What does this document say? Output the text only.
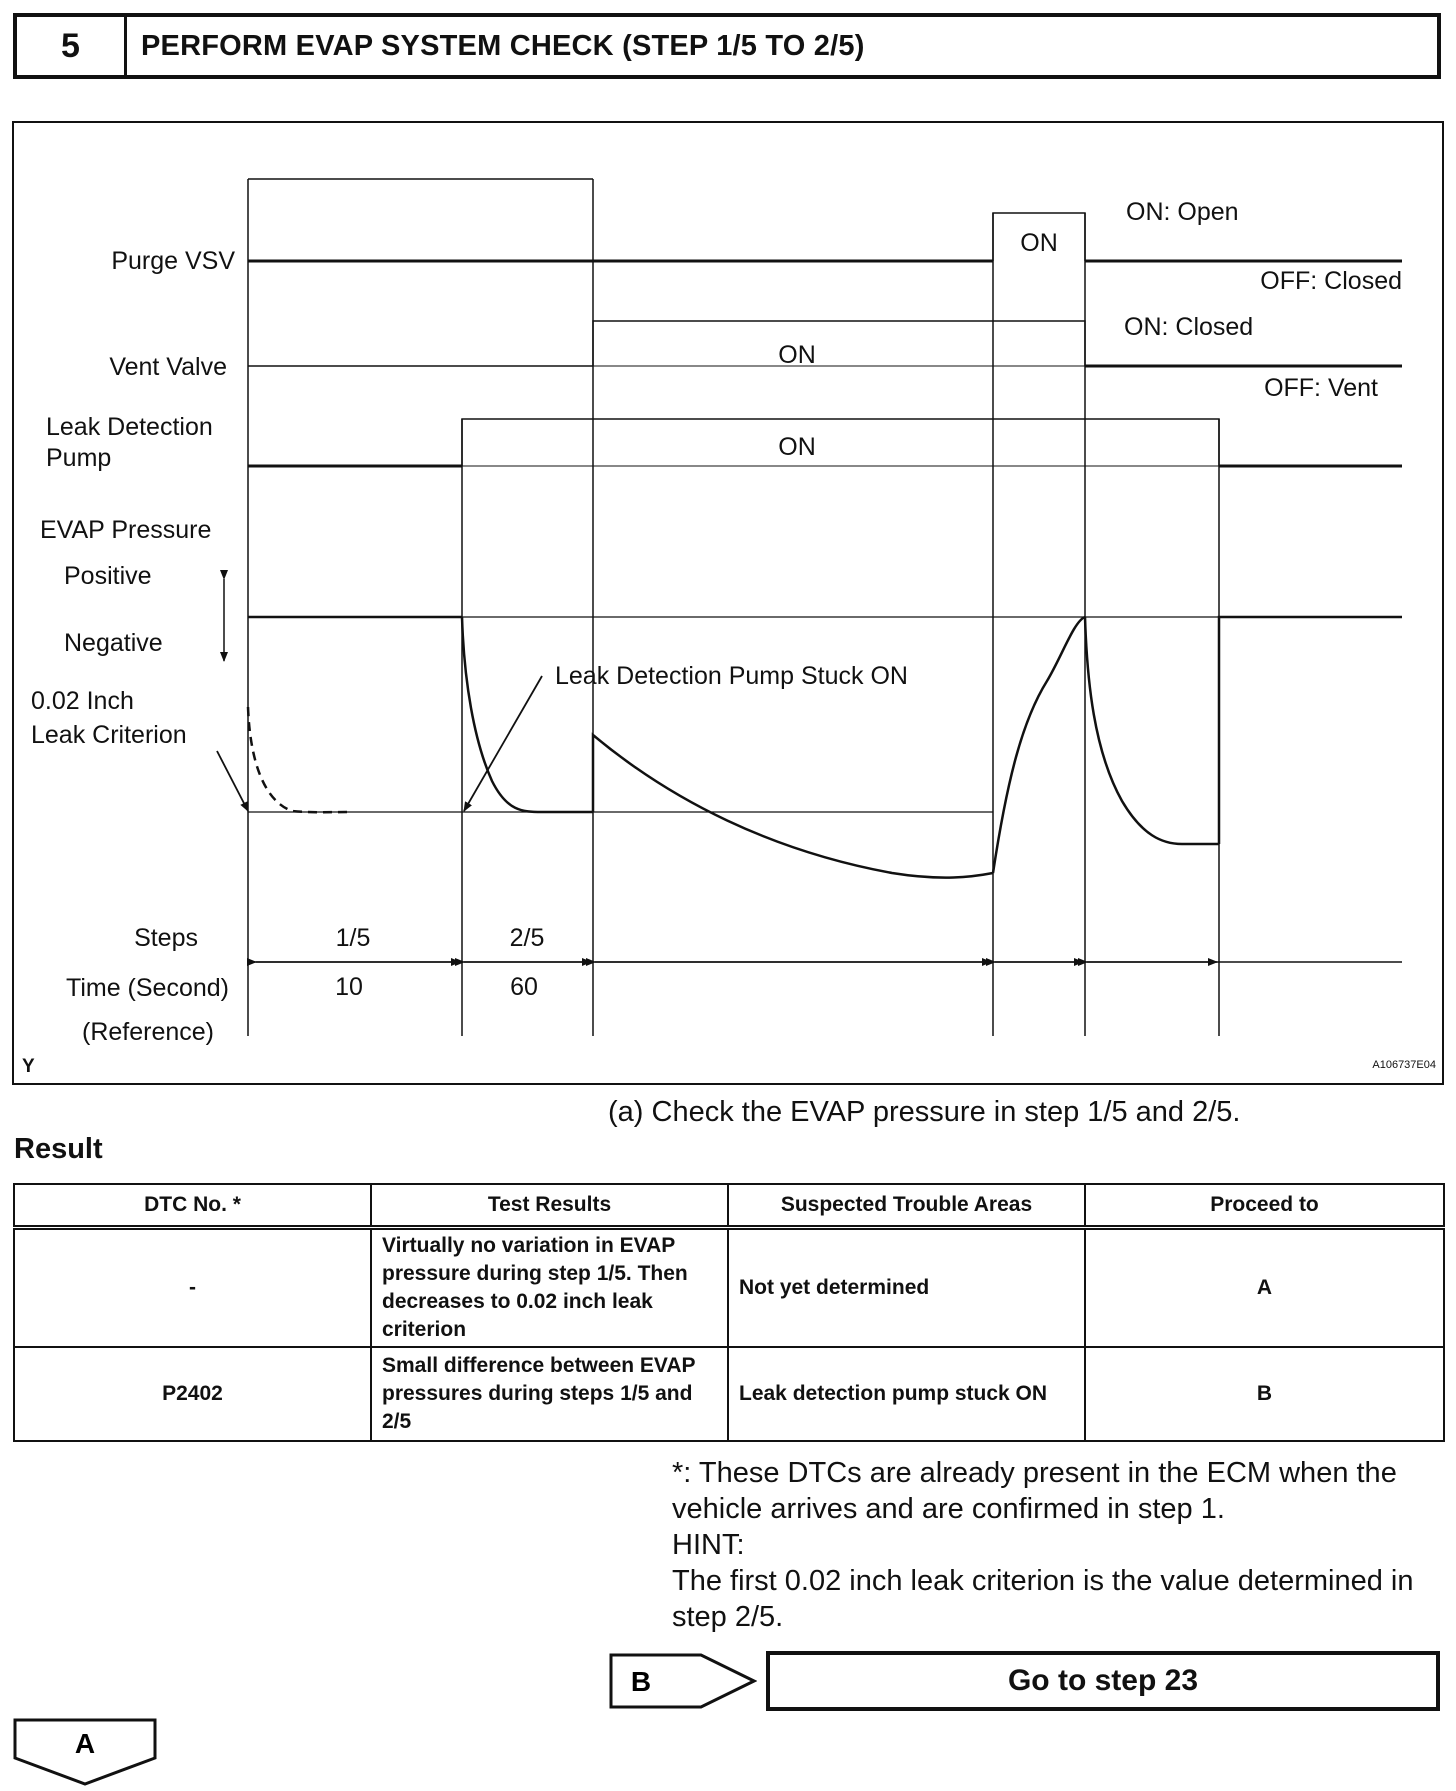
5	PERFORM EVAP SYSTEM CHECK (STEP 1/5 TO 2/5)
Purge VSV
Vent Valve
Leak Detection
Pump
EVAP Pressure
Positive
Negative
0.02 Inch
Leak Criterion
ON
ON: Open
OFF: Closed
ON
ON: Closed
OFF: Vent
ON
Leak Detection Pump Stuck ON
Steps
Time (Second)
(Reference)
1/5	2/5
10	60
Y	A106737E04
(a) Check the EVAP pressure in step 1/5 and 2/5.
Result
DTC No. *	Test Results	Suspected Trouble Areas	Proceed to
-	Virtually no variation in EVAP pressure during step 1/5. Then decreases to 0.02 inch leak criterion	Not yet determined	A
P2402	Small difference between EVAP pressures during steps 1/5 and 2/5	Leak detection pump stuck ON	B
*: These DTCs are already present in the ECM when the vehicle arrives and are confirmed in step 1.
HINT:
The first 0.02 inch leak criterion is the value determined in step 2/5.
B	Go to step 23
A
